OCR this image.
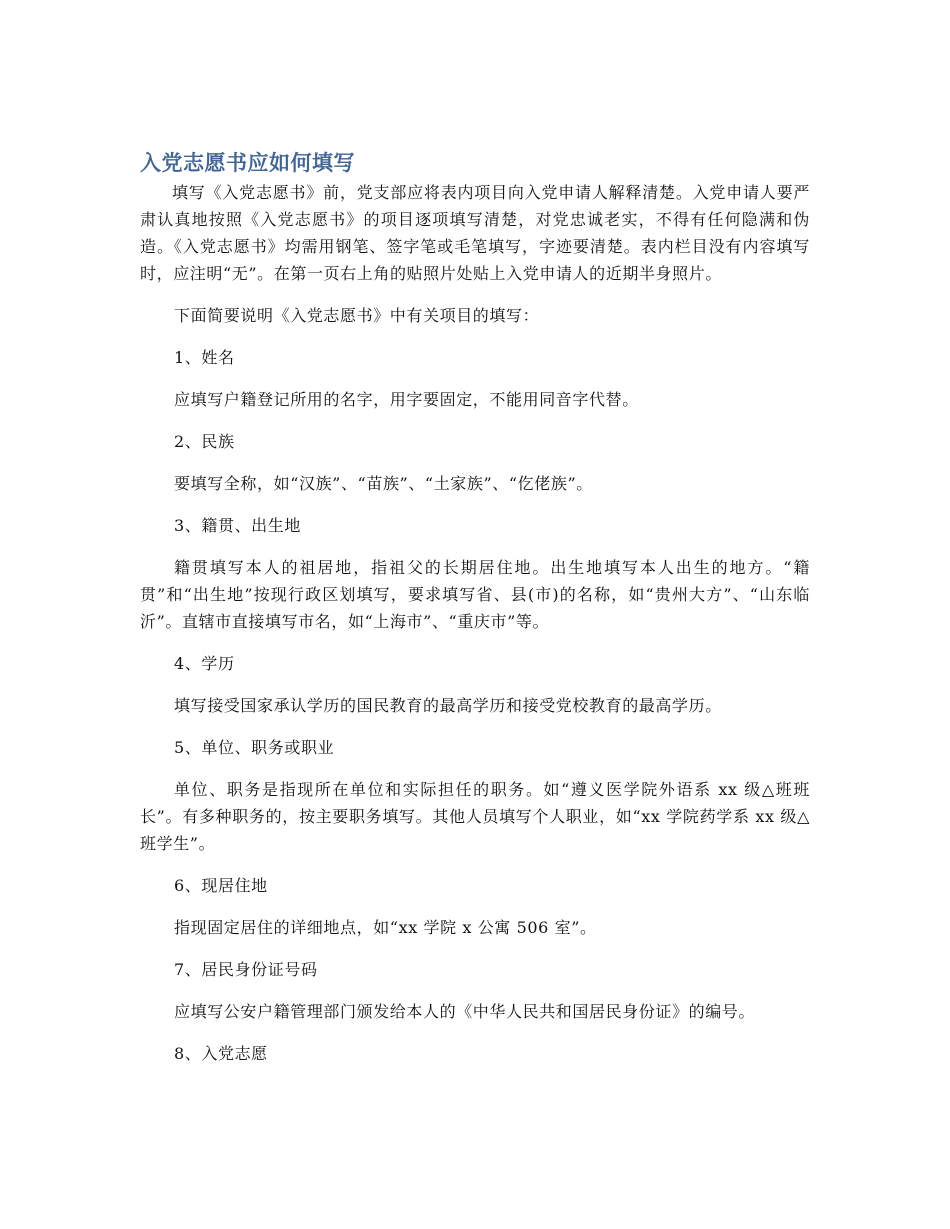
入党志愿书应如何填写

填写《入党志愿书》前，党支部应将表内项目向入党申请人解释清楚。入党申请人要严肃认真地按照《入党志愿书》的项目逐项填写清楚，对党忠诚老实，不得有任何隐满和伪造。《入党志愿书》均需用钢笔、签字笔或毛笔填写，字迹要清楚。表内栏目没有内容填写时，应注明“无”。在第一页右上角的贴照片处贴上入党申请人的近期半身照片。

下面简要说明《入党志愿书》中有关项目的填写：

1、姓名

应填写户籍登记所用的名字，用字要固定，不能用同音字代替。

2、民族

要填写全称，如“汉族”、“苗族”、“土家族”、“仡佬族”。

3、籍贯、出生地

籍贯填写本人的祖居地，指祖父的长期居住地。出生地填写本人出生的地方。“籍贯”和“出生地”按现行政区划填写，要求填写省、县(市)的名称，如“贵州大方”、“山东临沂”。直辖市直接填写市名，如“上海市”、“重庆市”等。

4、学历

填写接受国家承认学历的国民教育的最高学历和接受党校教育的最高学历。

5、单位、职务或职业

单位、职务是指现所在单位和实际担任的职务。如“遵义医学院外语系 xx 级△班班长”。有多种职务的，按主要职务填写。其他人员填写个人职业，如“xx 学院药学系 xx 级△班学生”。

6、现居住地

指现固定居住的详细地点，如“xx 学院 x 公寓 506 室”。

7、居民身份证号码

应填写公安户籍管理部门颁发给本人的《中华人民共和国居民身份证》的编号。

8、入党志愿
